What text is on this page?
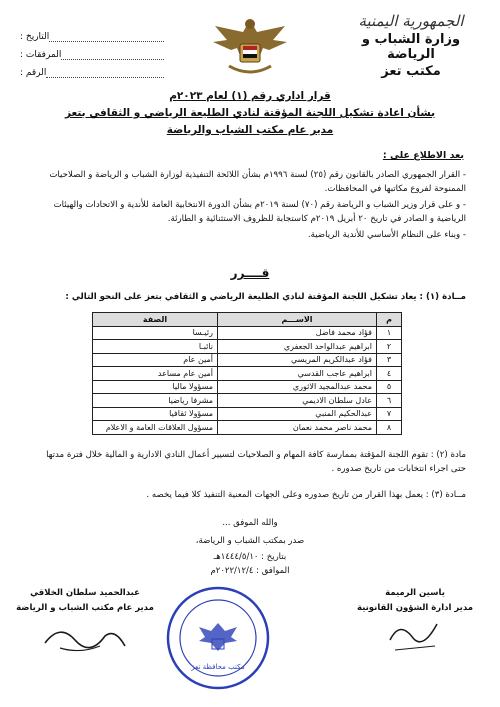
الجمهورية اليمنية
وزارة الشباب و الرياضة
مكتب تعز
التاريخ :
المرفقات :
الرقم :
قرار اداري رقم (١) لعام ٢٠٢٣م
بشأن اعادة تشكيل اللجنة المؤقتة لنادي الطليعة الرياضي و الثقافي بتعز
مدير عام مكتب الشباب والرياضة
بعد الاطلاع على :
- القرار الجمهوري الصادر بالقانون رقم (٢٥) لسنة ١٩٩٦م بشأن اللائحة التنفيذية لوزارة الشباب و الرياضة و الصلاحيات الممنوحة لفروع مكاتبها في المحافظات.
- و على قرار وزير الشباب و الرياضة رقم (٧٠) لسنة ٢٠١٩م بشأن الدورة الانتخابية العامة للأندية و الاتحادات والهيئات الرياضية و الصادر في تاريخ ٢٠ أبريل ٢٠١٩م كاستجابة للظروف الاستثنائية و الطارئة.
- وبناء على النظام الأساسي للأندية الرياضية.
قــــرر
مــادة (١) : يعاد تشكيل اللجنة المؤقتة لنادي الطليعة الرياضي و الثقافي بتعز على النحو التالي :
م	الاســـم	الصفة
١	فؤاد محمد فاضل	رئيـسا
٢	ابراهيم عبدالواحد الجعفري	نائبـا
٣	فؤاد عبدالكريم المريسي	أمين عام
٤	ابراهيم عاجب القدسي	أمين عام مساعد
٥	محمد عبدالمجيد الاثوري	مسؤولا ماليا
٦	عادل سلطان الاديمي	مشرفا رياضيا
٧	عبدالحكيم المنبي	مسؤولا ثقافيا
٨	محمد ناصر محمد نعمان	مسؤول العلاقات العامة و الاعلام
مادة (٢) : تقوم اللجنة المؤقتة بممارسة كافة المهام و الصلاحيات لتسيير أعمال النادي الادارية و المالية خلال فترة مدتها حتى اجراء انتخابات من تاريخ صدوره .
مــادة (٣) : يعمل بهذا القرار من تاريخ صدوره وعلى الجهات المعنية التنفيذ كلا فيما يخصه .
والله الموفق ...
صدر بمكتب الشباب و الرياضة،
بتاريخ : ١٤٤٤/٥/١٠هـ
الموافق : ٢٠٢٢/١٢/٤م
عبدالحميد سلطان الخلاقي
مدير عام مكتب الشباب و الرياضة
ياسين الرميمة
مدير ادارة الشؤون القانونية
مكتب محافظة تعز
